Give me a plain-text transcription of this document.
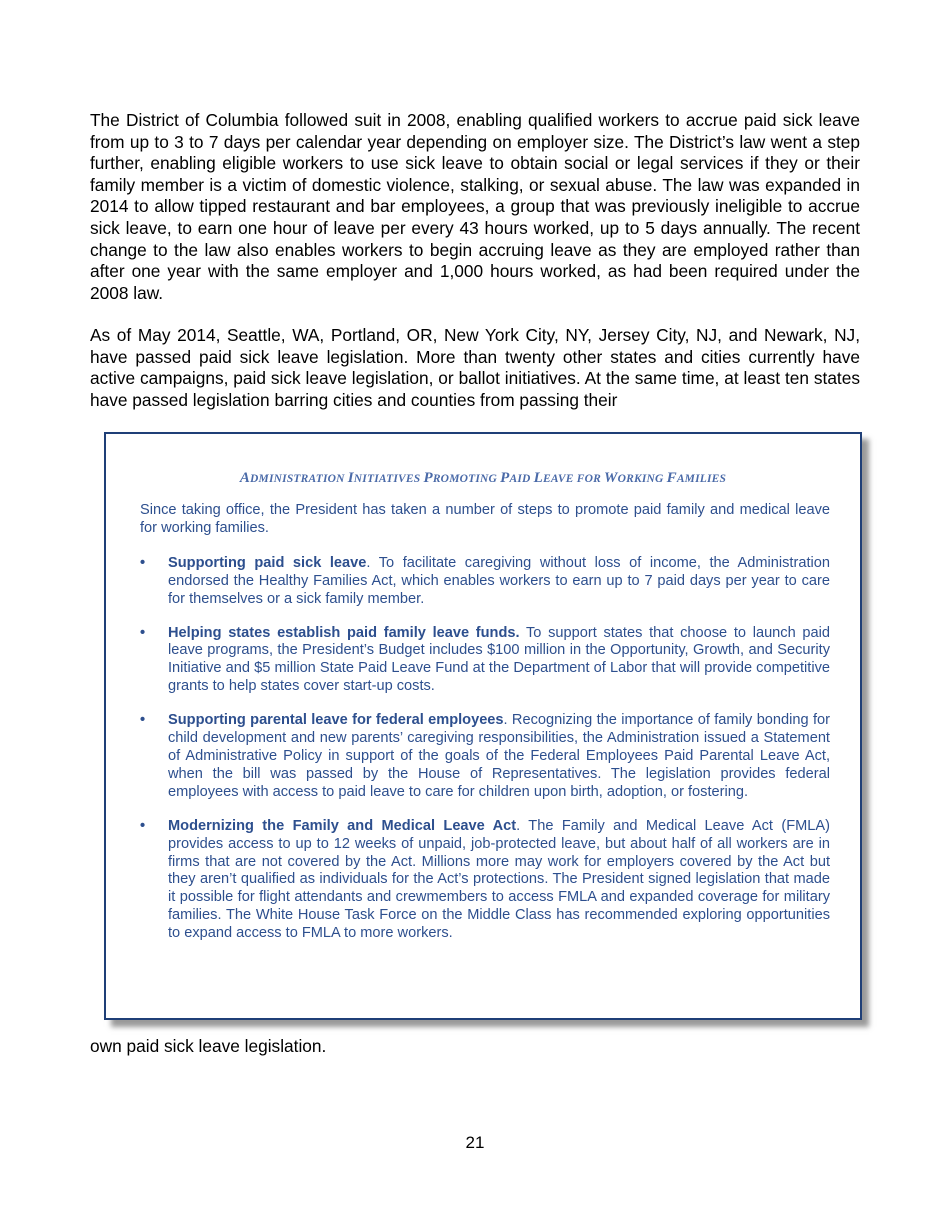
The District of Columbia followed suit in 2008, enabling qualified workers to accrue paid sick leave from up to 3 to 7 days per calendar year depending on employer size. The District’s law went a step further, enabling eligible workers to use sick leave to obtain social or legal services if they or their family member is a victim of domestic violence, stalking, or sexual abuse. The law was expanded in 2014 to allow tipped restaurant and bar employees, a group that was previously ineligible to accrue sick leave, to earn one hour of leave per every 43 hours worked, up to 5 days annually. The recent change to the law also enables workers to begin accruing leave as they are employed rather than after one year with the same employer and 1,000 hours worked, as had been required under the 2008 law.

As of May 2014, Seattle, WA, Portland, OR, New York City, NY, Jersey City, NJ, and Newark, NJ, have passed paid sick leave legislation. More than twenty other states and cities currently have active campaigns, paid sick leave legislation, or ballot initiatives. At the same time, at least ten states have passed legislation barring cities and counties from passing their

ADMINISTRATION INITIATIVES PROMOTING PAID LEAVE FOR WORKING FAMILIES

Since taking office, the President has taken a number of steps to promote paid family and medical leave for working families.

• Supporting paid sick leave. To facilitate caregiving without loss of income, the Administration endorsed the Healthy Families Act, which enables workers to earn up to 7 paid days per year to care for themselves or a sick family member.
• Helping states establish paid family leave funds. To support states that choose to launch paid leave programs, the President’s Budget includes $100 million in the Opportunity, Growth, and Security Initiative and $5 million State Paid Leave Fund at the Department of Labor that will provide competitive grants to help states cover start-up costs.
• Supporting parental leave for federal employees. Recognizing the importance of family bonding for child development and new parents’ caregiving responsibilities, the Administration issued a Statement of Administrative Policy in support of the goals of the Federal Employees Paid Parental Leave Act, when the bill was passed by the House of Representatives. The legislation provides federal employees with access to paid leave to care for children upon birth, adoption, or fostering.
• Modernizing the Family and Medical Leave Act. The Family and Medical Leave Act (FMLA) provides access to up to 12 weeks of unpaid, job-protected leave, but about half of all workers are in firms that are not covered by the Act. Millions more may work for employers covered by the Act but they aren’t qualified as individuals for the Act’s protections. The President signed legislation that made it possible for flight attendants and crewmembers to access FMLA and expanded coverage for military families. The White House Task Force on the Middle Class has recommended exploring opportunities to expand access to FMLA to more workers.

own paid sick leave legislation.

21
